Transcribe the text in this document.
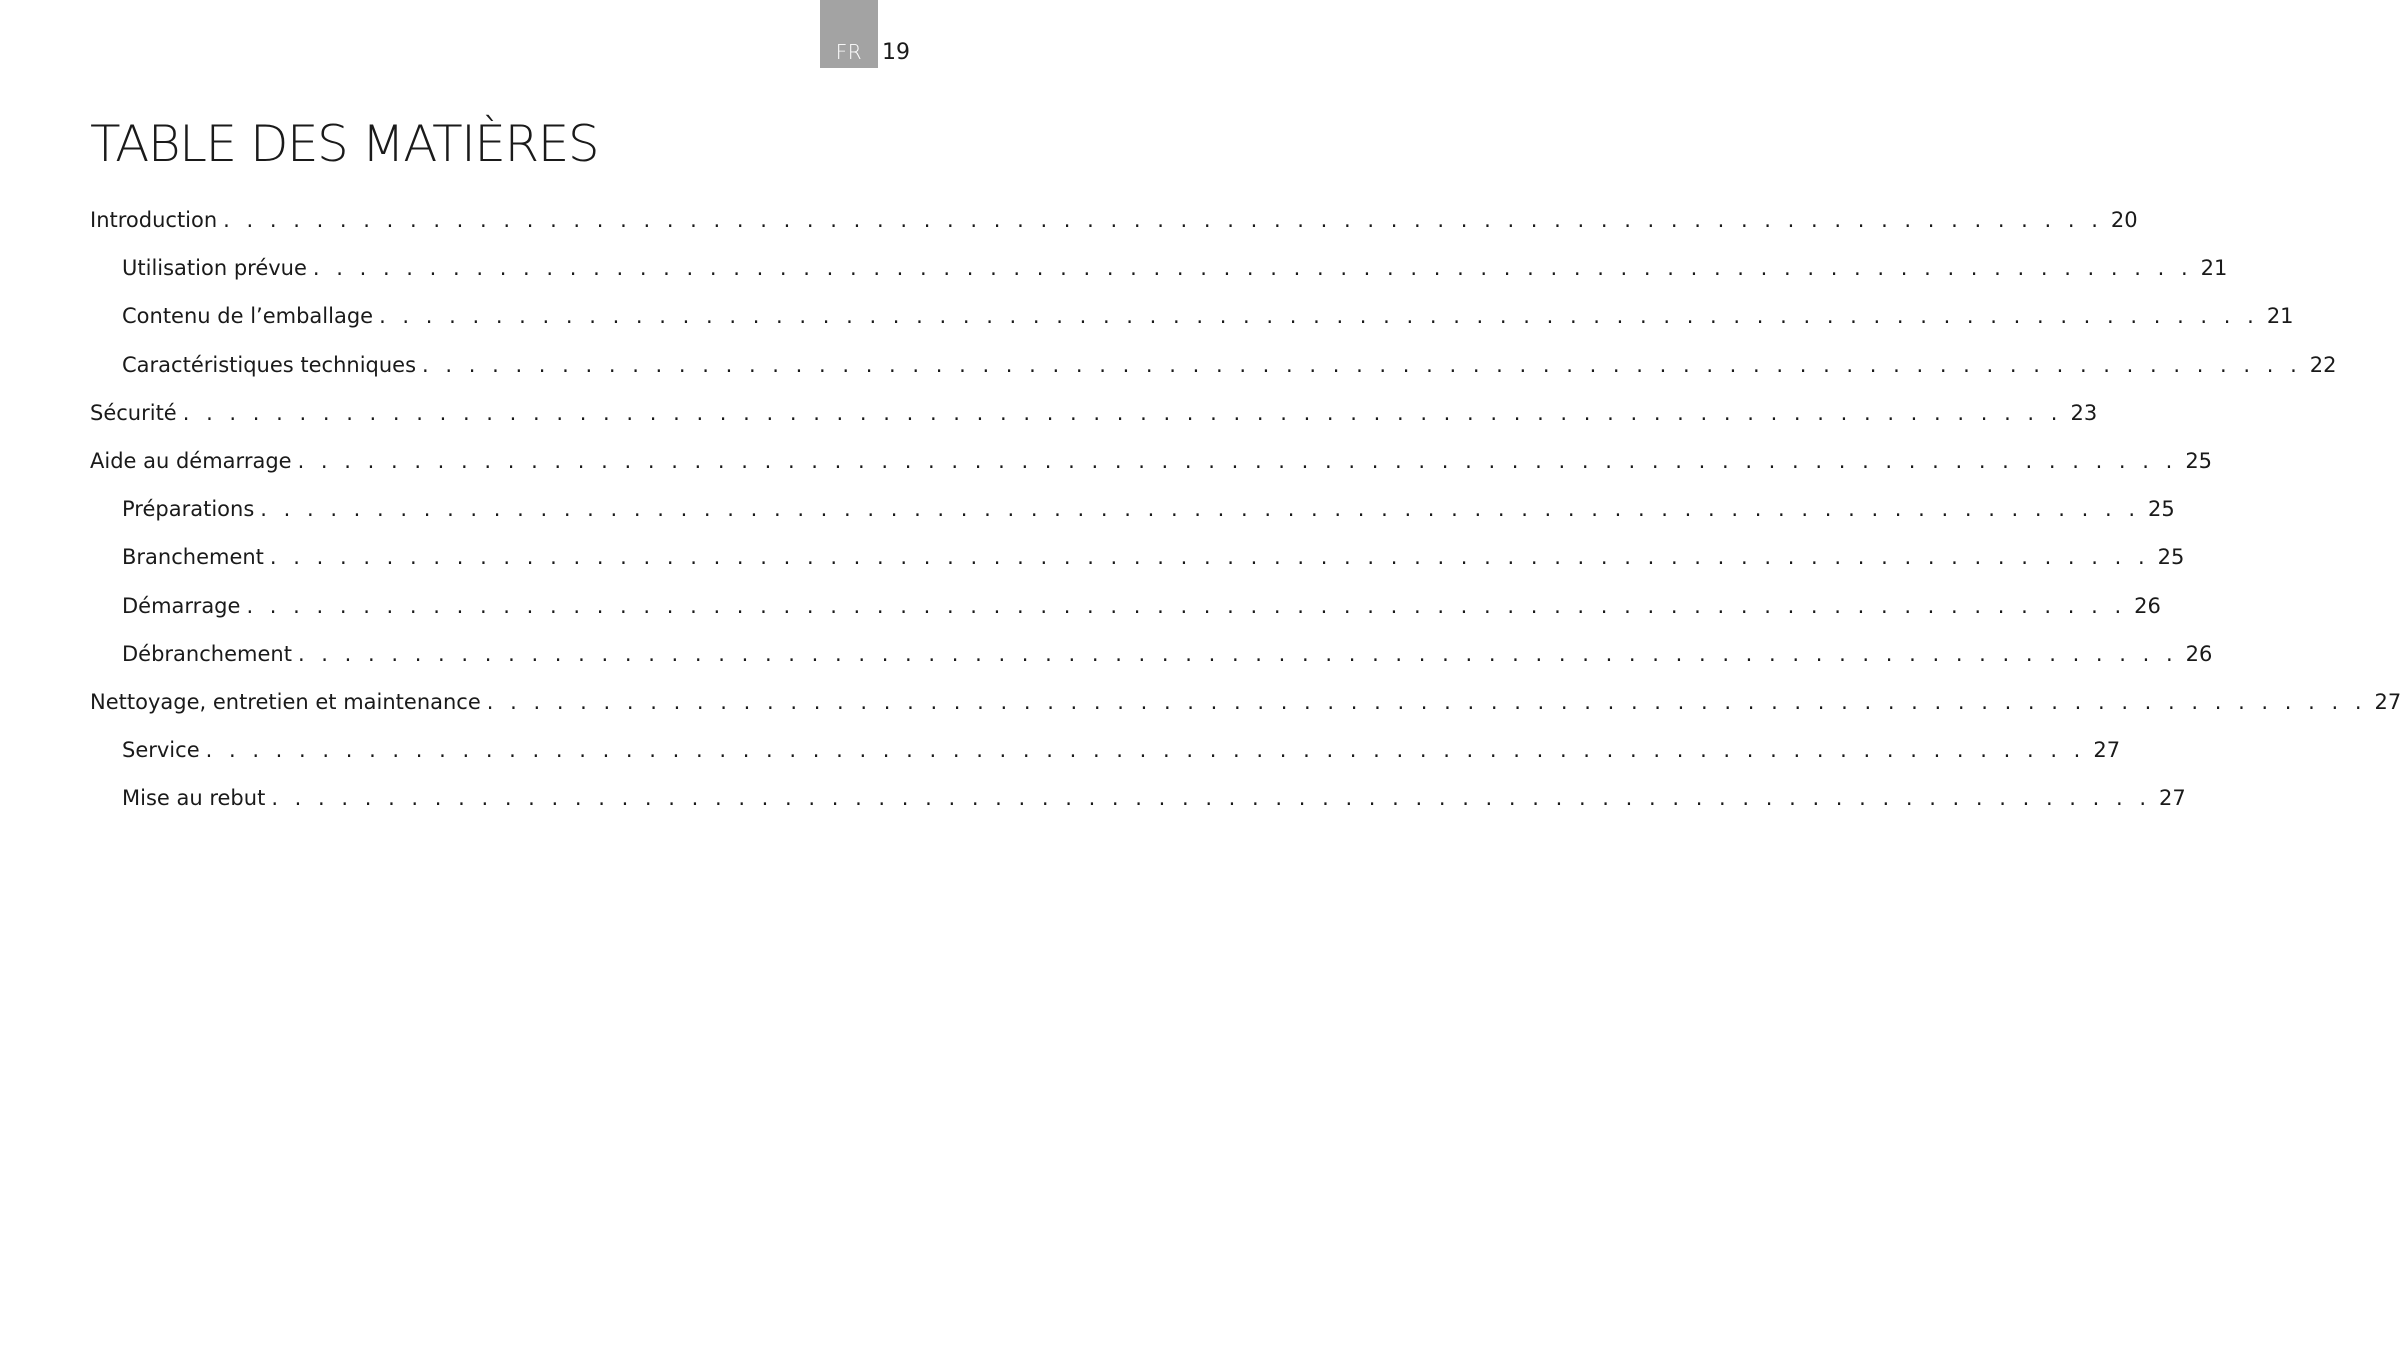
FR 19
TABLE DES MATIÈRES
Introduction . . . . . . . . . . . . . . . . . . . . . . . . . . . . . . . . . . . . . . . . . . . . . . . . . . . . . . . . . . . . . . . . . . . . . . . . . . . . . . . . . 20
Utilisation prévue . . . . . . . . . . . . . . . . . . . . . . . . . . . . . . . . . . . . . . . . . . . . . . . . . . . . . . . . . . . . . . . . . . . . . . . . . . . . . . . . . 21
Contenu de l’emballage . . . . . . . . . . . . . . . . . . . . . . . . . . . . . . . . . . . . . . . . . . . . . . . . . . . . . . . . . . . . . . . . . . . . . . . . . . . . . . . . . 21
Caractéristiques techniques . . . . . . . . . . . . . . . . . . . . . . . . . . . . . . . . . . . . . . . . . . . . . . . . . . . . . . . . . . . . . . . . . . . . . . . . . . . . . . . . . 22
Sécurité . . . . . . . . . . . . . . . . . . . . . . . . . . . . . . . . . . . . . . . . . . . . . . . . . . . . . . . . . . . . . . . . . . . . . . . . . . . . . . . . . 23
Aide au démarrage . . . . . . . . . . . . . . . . . . . . . . . . . . . . . . . . . . . . . . . . . . . . . . . . . . . . . . . . . . . . . . . . . . . . . . . . . . . . . . . . . 25
Préparations . . . . . . . . . . . . . . . . . . . . . . . . . . . . . . . . . . . . . . . . . . . . . . . . . . . . . . . . . . . . . . . . . . . . . . . . . . . . . . . . . 25
Branchement . . . . . . . . . . . . . . . . . . . . . . . . . . . . . . . . . . . . . . . . . . . . . . . . . . . . . . . . . . . . . . . . . . . . . . . . . . . . . . . . . 25
Démarrage . . . . . . . . . . . . . . . . . . . . . . . . . . . . . . . . . . . . . . . . . . . . . . . . . . . . . . . . . . . . . . . . . . . . . . . . . . . . . . . . . 26
Débranchement . . . . . . . . . . . . . . . . . . . . . . . . . . . . . . . . . . . . . . . . . . . . . . . . . . . . . . . . . . . . . . . . . . . . . . . . . . . . . . . . . 26
Nettoyage, entretien et maintenance . . . . . . . . . . . . . . . . . . . . . . . . . . . . . . . . . . . . . . . . . . . . . . . . . . . . . . . . . . . . . . . . . . . . . . . . . . . . . . . . . 27
Service . . . . . . . . . . . . . . . . . . . . . . . . . . . . . . . . . . . . . . . . . . . . . . . . . . . . . . . . . . . . . . . . . . . . . . . . . . . . . . . . . 27
Mise au rebut . . . . . . . . . . . . . . . . . . . . . . . . . . . . . . . . . . . . . . . . . . . . . . . . . . . . . . . . . . . . . . . . . . . . . . . . . . . . . . . . . 27
